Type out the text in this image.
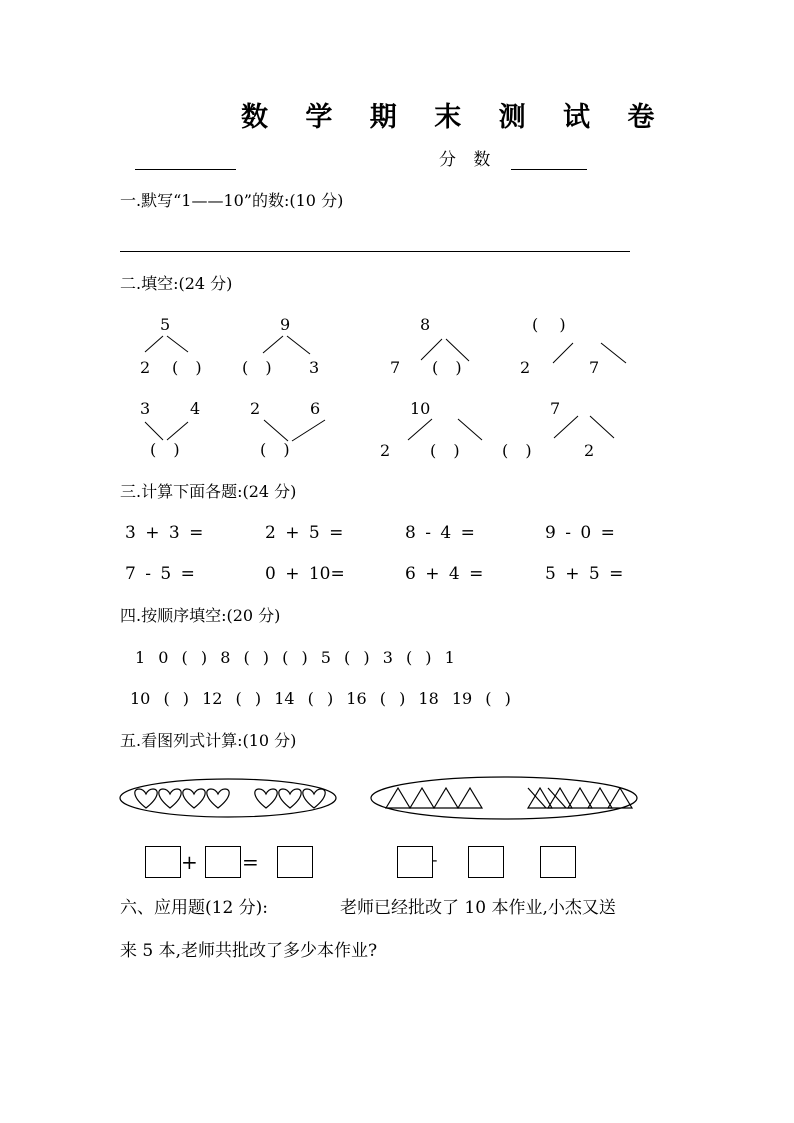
数 学 期 末 测 试 卷
分 数
一.默写“1——10”的数:(10 分)
二.填空:(24 分)
5
2 ( )
9
( ) 3
8
7 ( )
( )
2	7
3 4
( )
2	6
( )
10
2 ( )
7
( )	2
三.计算下面各题:(24 分)
3 + 3 =	2 + 5 =	8 - 4 =	9 - 0 =
7 - 5 =	0 + 10=	6 + 4 =	5 + 5 =
四.按顺序填空:(20 分)
1 0 ( ) 8 ( ) ( ) 5 ( ) 3 ( ) 1
10 ( ) 12 ( ) 14 ( ) 16 ( ) 18 19 ( )
五.看图列式计算:(10 分)
+ =	-
六、应用题(12 分):	老师已经批改了 10 本作业,小杰又送
来 5 本,老师共批改了多少本作业?
